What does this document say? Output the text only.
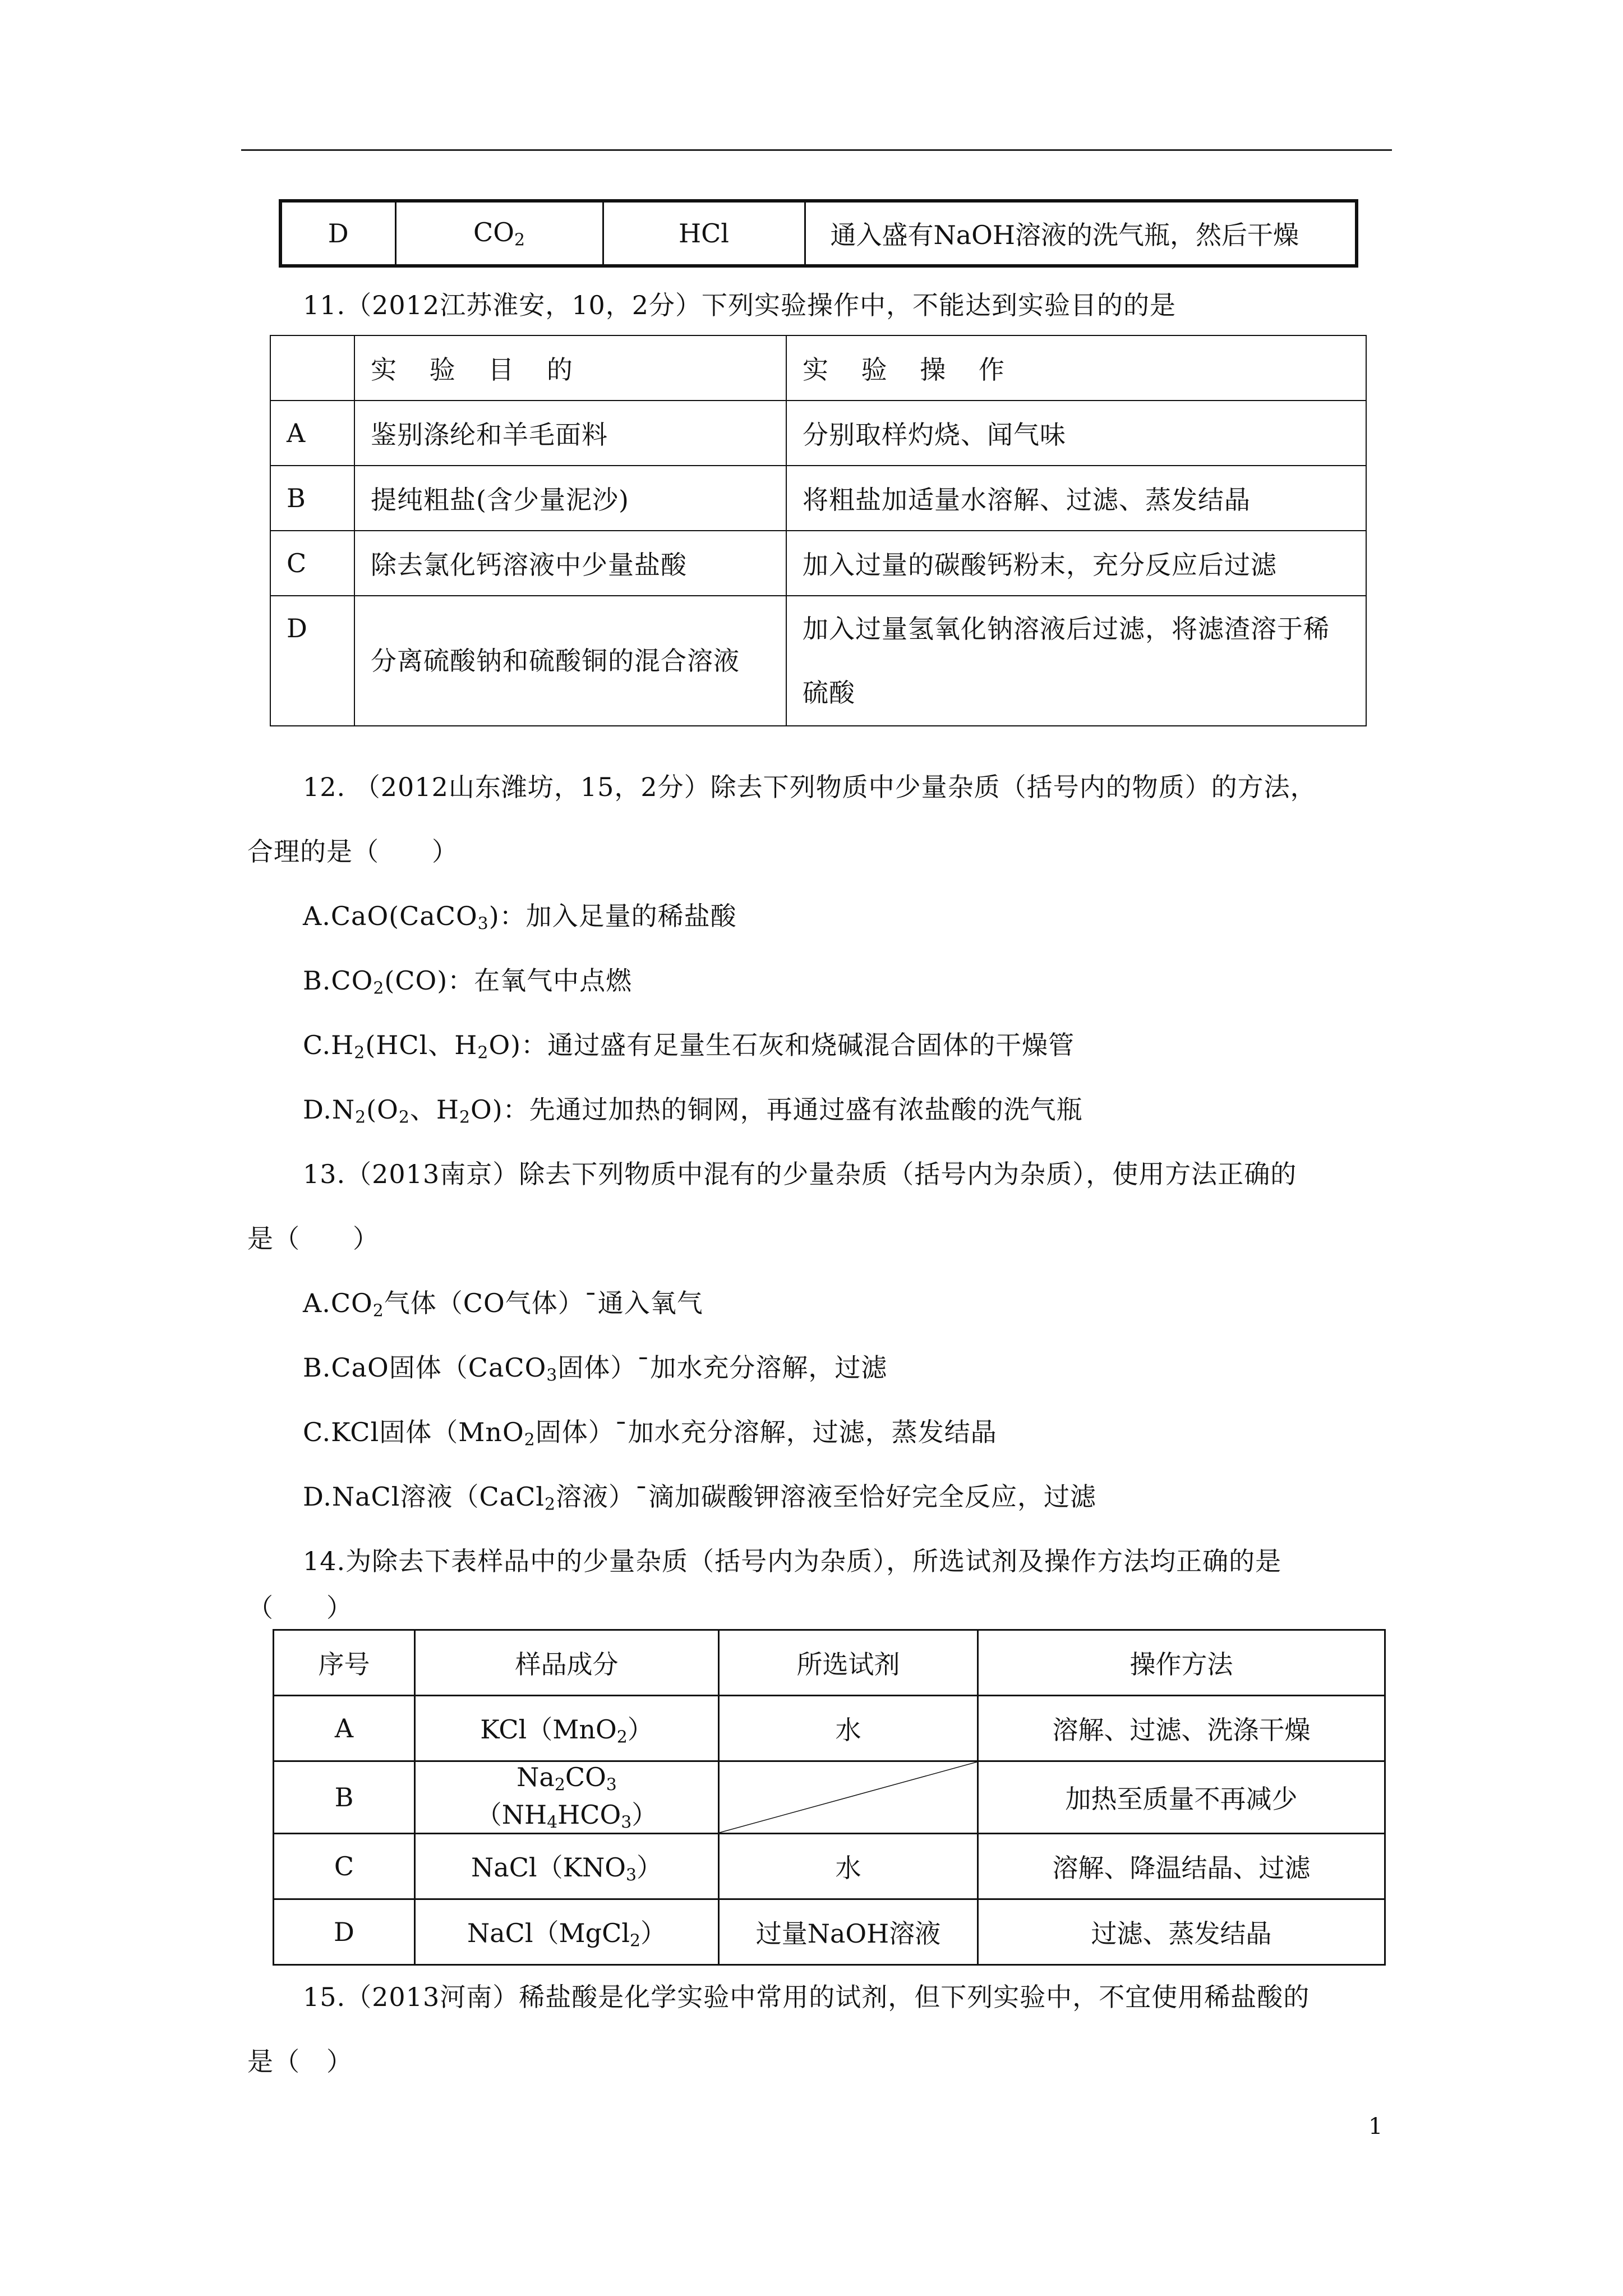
D	$CO_2$	HCl	通入盛有NaOH溶液的洗气瓶，然后干燥
11.（2012江苏淮安，10，2分）下列实验操作中，不能达到实验目的的是
	实 验 目 的	实 验 操 作
A	鉴别涤纶和羊毛面料	分别取样灼烧、闻气味
B	提纯粗盐(含少量泥沙)	将粗盐加适量水溶解、过滤、蒸发结晶
C	除去氯化钙溶液中少量盐酸	加入过量的碳酸钙粉末，充分反应后过滤
D	分离硫酸钠和硫酸铜的混合溶液	加入过量氢氧化钠溶液后过滤，将滤渣溶于稀硫酸
12. （2012山东潍坊，15，2分）除去下列物质中少量杂质（括号内的物质）的方法，
合理的是（　　）
A.CaO(CaCO$_3$)：加入足量的稀盐酸
$B.CO_2(CO)$：在氧气中点燃
$C.H_2(HCl$、$H_2O$)：通过盛有足量生石灰和烧碱混合固体的干燥管
$D.N_2(O_2$、$H_2O$)：先通过加热的铜网，再通过盛有浓盐酸的洗气瓶
13.（2013南京）除去下列物质中混有的少量杂质（括号内为杂质），使用方法正确的
是（　　）
$A.CO_2$气体（CO气体）¯通入氧气
B.CaO固体（CaCO$_3$固体）¯加水充分溶解，过滤
C.KCl固体（MnO$_2$固体）¯加水充分溶解，过滤，蒸发结晶
D.NaCl溶液（CaCl$_2$溶液）¯滴加碳酸钾溶液至恰好完全反应，过滤
14.为除去下表样品中的少量杂质（括号内为杂质），所选试剂及操作方法均正确的是
（　　）
序号	样品成分	所选试剂	操作方法
A	KCl（MnO$_2$）	水	溶解、过滤、洗涤干燥
B	$Na_2CO_3(NH_4HCO_3)$		加热至质量不再减少
C	$NaCl(KNO_3)$	水	溶解、降温结晶、过滤
D	NaCl（MgCl$_2$）	过量NaOH溶液	过滤、蒸发结晶
15.（2013河南）稀盐酸是化学实验中常用的试剂，但下列实验中，不宜使用稀盐酸的
是（　）
1
